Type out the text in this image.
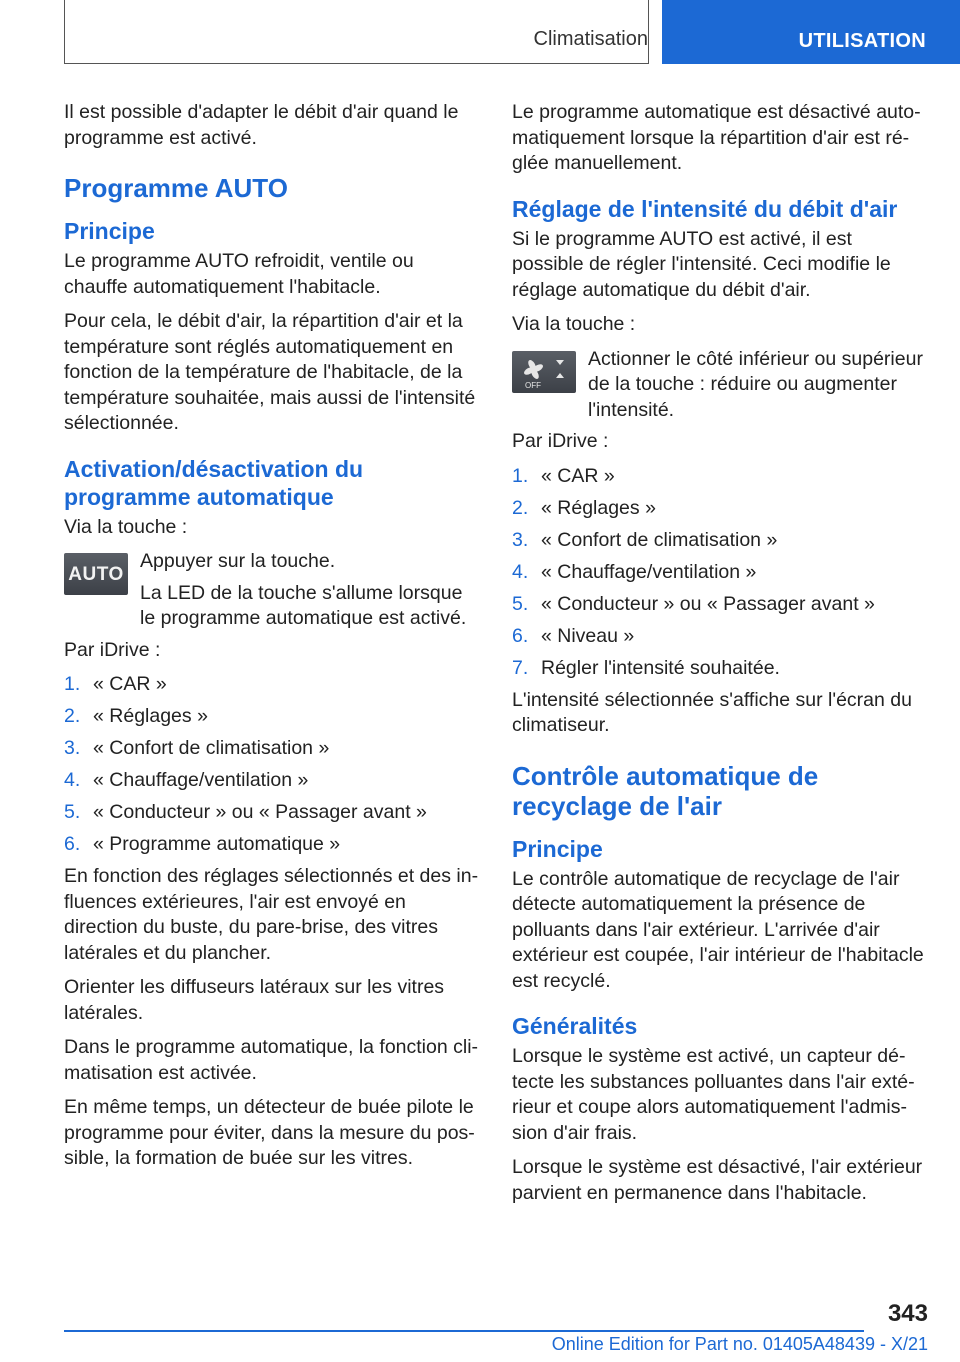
Climatisation	UTILISATION

Il est possible d'adapter le débit d'air quand le programme est activé.

Programme AUTO
Principe

Le programme AUTO refroidit, ventile ou chauffe automatiquement l'habitacle.

Pour cela, le débit d'air, la répartition d'air et la température sont réglés automatiquement en fonction de la température de l'habitacle, de la température souhaitée, mais aussi de l'intensité sélectionnée.

Activation/désactivation du programme automatique

Via la touche :

AUTO
Appuyer sur la touche.
La LED de la touche s'allume lorsque le programme automatique est activé.

Par iDrive :

1. « CAR »
2. « Réglages »
3. « Confort de climatisation »
4. « Chauffage/ventilation »
5. « Conducteur » ou « Passager avant »
6. « Programme automatique »

En fonction des réglages sélectionnés et des influences extérieures, l'air est envoyé en direction du buste, du pare-brise, des vitres latérales et du plancher.

Orienter les diffuseurs latéraux sur les vitres latérales.

Dans le programme automatique, la fonction climatisation est activée.

En même temps, un détecteur de buée pilote le programme pour éviter, dans la mesure du possible, la formation de buée sur les vitres.

Le programme automatique est désactivé automatiquement lorsque la répartition d'air est réglée manuellement.

Réglage de l'intensité du débit d'air

Si le programme AUTO est activé, il est possible de régler l'intensité. Ceci modifie le réglage automatique du débit d'air.

Via la touche :

OFF
Actionner le côté inférieur ou supérieur de la touche : réduire ou augmenter l'intensité.

Par iDrive :

1. « CAR »
2. « Réglages »
3. « Confort de climatisation »
4. « Chauffage/ventilation »
5. « Conducteur » ou « Passager avant »
6. « Niveau »
7. Régler l'intensité souhaitée.

L'intensité sélectionnée s'affiche sur l'écran du climatiseur.

Contrôle automatique de recyclage de l'air
Principe

Le contrôle automatique de recyclage de l'air détecte automatiquement la présence de polluants dans l'air extérieur. L'arrivée d'air extérieur est coupée, l'air intérieur de l'habitacle est recyclé.

Généralités

Lorsque le système est activé, un capteur détecte les substances polluantes dans l'air extérieur et coupe alors automatiquement l'admission d'air frais.

Lorsque le système est désactivé, l'air extérieur parvient en permanence dans l'habitacle.

343
Online Edition for Part no. 01405A48439 - X/21
